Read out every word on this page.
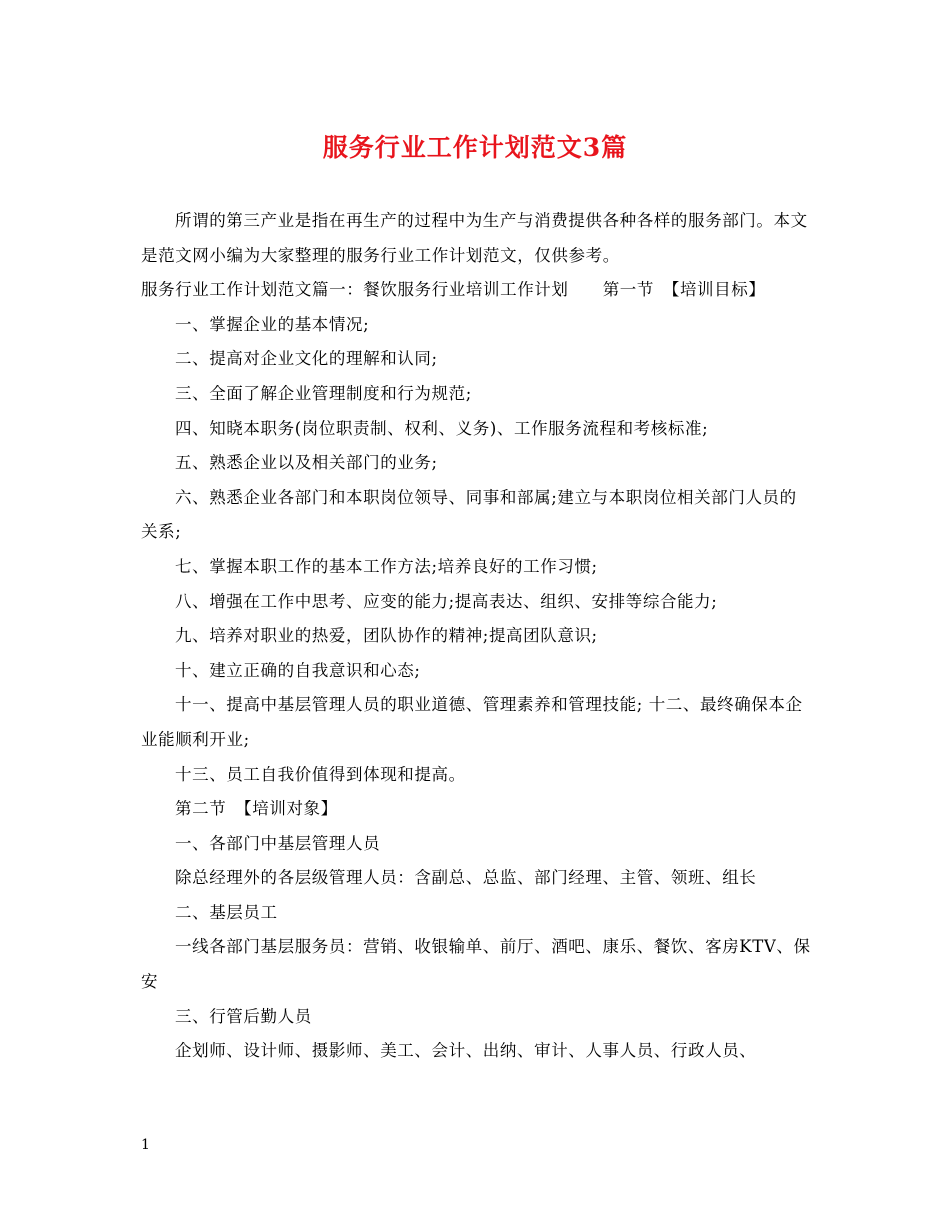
服务行业工作计划范文3篇

所谓的第三产业是指在再生产的过程中为生产与消费提供各种各样的服务部门。本文是范文网小编为大家整理的服务行业工作计划范文，仅供参考。

服务行业工作计划范文篇一：餐饮服务行业培训工作计划　　第一节　【培训目标】

一、掌握企业的基本情况;

二、提高对企业文化的理解和认同;

三、全面了解企业管理制度和行为规范;

四、知晓本职务(岗位职责制、权利、义务)、工作服务流程和考核标准;

五、熟悉企业以及相关部门的业务;

六、熟悉企业各部门和本职岗位领导、同事和部属;建立与本职岗位相关部门人员的关系;

七、掌握本职工作的基本工作方法;培养良好的工作习惯;

八、增强在工作中思考、应变的能力;提高表达、组织、安排等综合能力;

九、培养对职业的热爱，团队协作的精神;提高团队意识;

十、建立正确的自我意识和心态;

十一、提高中基层管理人员的职业道德、管理素养和管理技能; 十二、最终确保本企业能顺利开业;

十三、员工自我价值得到体现和提高。

第二节　【培训对象】

一、各部门中基层管理人员

除总经理外的各层级管理人员：含副总、总监、部门经理、主管、领班、组长

二、基层员工

一线各部门基层服务员：营销、收银输单、前厅、酒吧、康乐、餐饮、客房KTV、保安

三、行管后勤人员

企划师、设计师、摄影师、美工、会计、出纳、审计、人事人员、行政人员、

1
